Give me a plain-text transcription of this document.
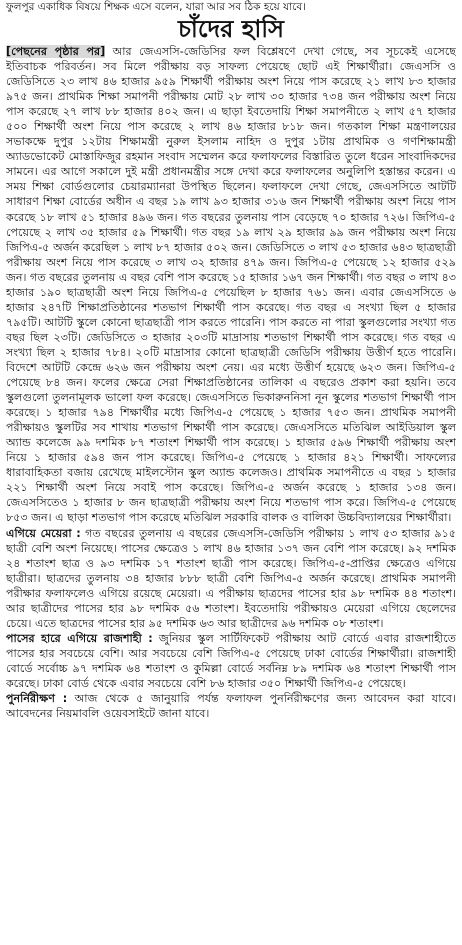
ফুলপুর একাধিক বিষয়ে শিক্ষক এসে বলেন, যারা আর সব ঠিক হয়ে যাবে।
চাঁদের হাসি

[পেছনের পৃষ্ঠার পর] আর জেএসসি-জেডিসির ফল বিশ্লেষণে দেখা গেছে, সব সূচকেই এসেছে ইতিবাচক পরিবর্তন। সব মিলে পরীক্ষায় বড় সাফল্য পেয়েছে ছোট এই শিক্ষার্থীরা। জেএসসি ও জেডিসিতে ২৩ লাখ ৪৬ হাজার ৯৫৯ শিক্ষার্থী পরীক্ষায় অংশ নিয়ে পাস করেছে ২১ লাখ ৮৩ হাজার ৯৭৫ জন। প্রাথমিক শিক্ষা সমাপনী পরীক্ষায় মোট ২৮ লাখ ৩০ হাজার ৭৩৪ জন পরীক্ষায় অংশ নিয়ে পাস করেছে ২৭ লাখ ৮৮ হাজার ৪০২ জন। এ ছাড়া ইবতেদায়ি শিক্ষা সমাপনীতে ২ লাখ ৫৭ হাজার ৫০০ শিক্ষার্থী অংশ নিয়ে পাস করেছে ২ লাখ ৪৬ হাজার ৮১৮ জন। গতকাল শিক্ষা মন্ত্রণালয়ের সভাকক্ষে দুপুর ১২টায় শিক্ষামন্ত্রী নুরুল ইসলাম নাহিদ ও দুপুর ১টায় প্রাথমিক ও গণশিক্ষামন্ত্রী অ্যাডভোকেট মোস্তাফিজুর রহমান সংবাদ সম্মেলন করে ফলাফলের বিস্তারিত তুলে ধরেন সাংবাদিকদের সামনে। এর আগে সকালে দুই মন্ত্রী প্রধানমন্ত্রীর সঙ্গে দেখা করে ফলাফলের অনুলিপি হস্তান্তর করেন। এ সময় শিক্ষা বোর্ডগুলোর চেয়ারম্যানরা উপস্থিত ছিলেন। ফলাফলে দেখা গেছে, জেএসসিতে আটটি সাধারণ শিক্ষা বোর্ডের অধীন এ বছর ১৯ লাখ ৯৩ হাজার ৩১৬ জন শিক্ষার্থী পরীক্ষায় অংশ নিয়ে পাস করেছে ১৮ লাখ ৫১ হাজার ৪৯৬ জন। গত বছরের তুলনায় পাস বেড়েছে ৭০ হাজার ৭২৬। জিপিএ-৫ পেয়েছে ২ লাখ ৩৫ হাজার ৫৯ শিক্ষার্থী। গত বছর ১৯ লাখ ২৯ হাজার ৯৯ জন পরীক্ষায় অংশ নিয়ে জিপিএ-৫ অর্জন করেছিল ১ লাখ ৮৭ হাজার ৫০২ জন। জেডিসিতে ৩ লাখ ৫৩ হাজার ৬৪৩ ছাত্রছাত্রী পরীক্ষায় অংশ নিয়ে পাস করেছে ৩ লাখ ৩২ হাজার ৪৭৯ জন। জিপিএ-৫ পেয়েছে ১২ হাজার ৫২৯ জন। গত বছরের তুলনায় এ বছর বেশি পাস করেছে ১৫ হাজার ১৬৭ জন শিক্ষার্থী। গত বছর ৩ লাখ ৪৩ হাজার ১৯০ ছাত্রছাত্রী অংশ নিয়ে জিপিএ-৫ পেয়েছিল ৮ হাজার ৭৬১ জন। এবার জেএসসিতে ৬ হাজার ২৪৭টি শিক্ষাপ্রতিষ্ঠানের শতভাগ শিক্ষার্থী পাস করেছে। গত বছর এ সংখ্যা ছিল ৫ হাজার ৭৯৫টি। আটটি স্কুলে কোনো ছাত্রছাত্রী পাস করতে পারেনি। পাস করতে না পারা স্কুলগুলোর সংখ্যা গত বছর ছিল ২৩টি। জেডিসিতে ৩ হাজার ২০৩টি মাদ্রাসায় শতভাগ শিক্ষার্থী পাস করেছে। গত বছর এ সংখ্যা ছিল ২ হাজার ৭৮৪। ২০টি মাদ্রাসার কোনো ছাত্রছাত্রী জেডিসি পরীক্ষায় উত্তীর্ণ হতে পারেনি। বিদেশে আটটি কেন্দ্রে ৬২৬ জন পরীক্ষায় অংশ নেয়। এর মধ্যে উত্তীর্ণ হয়েছে ৬২৩ জন। জিপিএ-৫ পেয়েছে ৮৪ জন। ফলের ক্ষেত্রে সেরা শিক্ষাপ্রতিষ্ঠানের তালিকা এ বছরেও প্রকাশ করা হয়নি। তবে স্কুলগুলো তুলনামূলক ভালো ফল করেছে। জেএসসিতে ভিকারুননিসা নূন স্কুলের শতভাগ শিক্ষার্থী পাস করেছে। ১ হাজার ৭৯৪ শিক্ষার্থীর মধ্যে জিপিএ-৫ পেয়েছে ১ হাজার ৭৫৩ জন। প্রাথমিক সমাপনী পরীক্ষায়ও স্কুলটির সব শাখায় শতভাগ শিক্ষার্থী পাস করেছে। জেএসসিতে মতিঝিল আইডিয়াল স্কুল অ্যান্ড কলেজে ৯৯ দশমিক ৮৭ শতাংশ শিক্ষার্থী পাস করেছে। ১ হাজার ৫৯৬ শিক্ষার্থী পরীক্ষায় অংশ নিয়ে ১ হাজার ৫৯৪ জন পাস করেছে। জিপিএ-৫ পেয়েছে ১ হাজার ৪২১ শিক্ষার্থী। সাফল্যের ধারাবাহিকতা বজায় রেখেছে মাইলস্টোন স্কুল অ্যান্ড কলেজও। প্রাথমিক সমাপনীতে এ বছর ১ হাজার ২২১ শিক্ষার্থী অংশ নিয়ে সবাই পাস করেছে। জিপিএ-৫ অর্জন করেছে ১ হাজার ১৩৪ জন। জেএসসিতেও ১ হাজার ৮ জন ছাত্রছাত্রী পরীক্ষায় অংশ নিয়ে শতভাগ পাস করে। জিপিএ-৫ পেয়েছে ৮৫৩ জন। এ ছাড়া শতভাগ পাস করেছে মতিঝিল সরকারি বালক ও বালিকা উচ্চবিদ্যালয়ের শিক্ষার্থীরা।

এগিয়ে মেয়েরা : গত বছরের তুলনায় এ বছরের জেএসসি-জেডিসি পরীক্ষায় ১ লাখ ৫৩ হাজার ৯১৫ ছাত্রী বেশি অংশ নিয়েছে। পাসের ক্ষেত্রেও ১ লাখ ৪৬ হাজার ১৩৭ জন বেশি পাস করেছে। ৯২ দশমিক ২৪ শতাংশ ছাত্র ও ৯৩ দশমিক ১৭ শতাংশ ছাত্রী পাস করেছে। জিপিএ-৫-প্রাপ্তির ক্ষেত্রেও এগিয়ে ছাত্রীরা। ছাত্রদের তুলনায় ৩৪ হাজার ৮৮৮ ছাত্রী বেশি জিপিএ-৫ অর্জন করেছে। প্রাথমিক সমাপনী পরীক্ষার ফলাফলেও এগিয়ে রয়েছে মেয়েরা। এ পরীক্ষায় ছাত্রদের পাসের হার ৯৮ দশমিক ৪৪ শতাংশ। আর ছাত্রীদের পাসের হার ৯৮ দশমিক ৫৬ শতাংশ। ইবতেদায়ি পরীক্ষায়ও মেয়েরা এগিয়ে ছেলেদের চেয়ে। এতে ছাত্রদের পাসের হার ৯৫ দশমিক ৬৩ আর ছাত্রীদের ৯৬ দশমিক ০৮ শতাংশ।

পাসের হারে এগিয়ে রাজশাহী : জুনিয়র স্কুল সার্টিফিকেট পরীক্ষায় আট বোর্ডে এবার রাজশাহীতে পাসের হার সবচেয়ে বেশি। আর সবচেয়ে বেশি জিপিএ-৫ পেয়েছে ঢাকা বোর্ডের শিক্ষার্থীরা। রাজশাহী বোর্ডে সর্বোচ্চ ৯৭ দশমিক ৬৪ শতাংশ ও কুমিল্লা বোর্ডে সর্বনিম্ন ৮৯ দশমিক ৬৪ শতাংশ শিক্ষার্থী পাস করেছে। ঢাকা বোর্ড থেকে এবার সবচেয়ে বেশি ৮৬ হাজার ৩৫০ শিক্ষার্থী জিপিএ-৫ পেয়েছে।

পুনর্নিরীক্ষণ : আজ থেকে ৫ জানুয়ারি পর্যন্ত ফলাফল পুনর্নিরীক্ষণের জন্য আবেদন করা যাবে। আবেদনের নিয়মাবলি ওয়েবসাইটে জানা যাবে।
